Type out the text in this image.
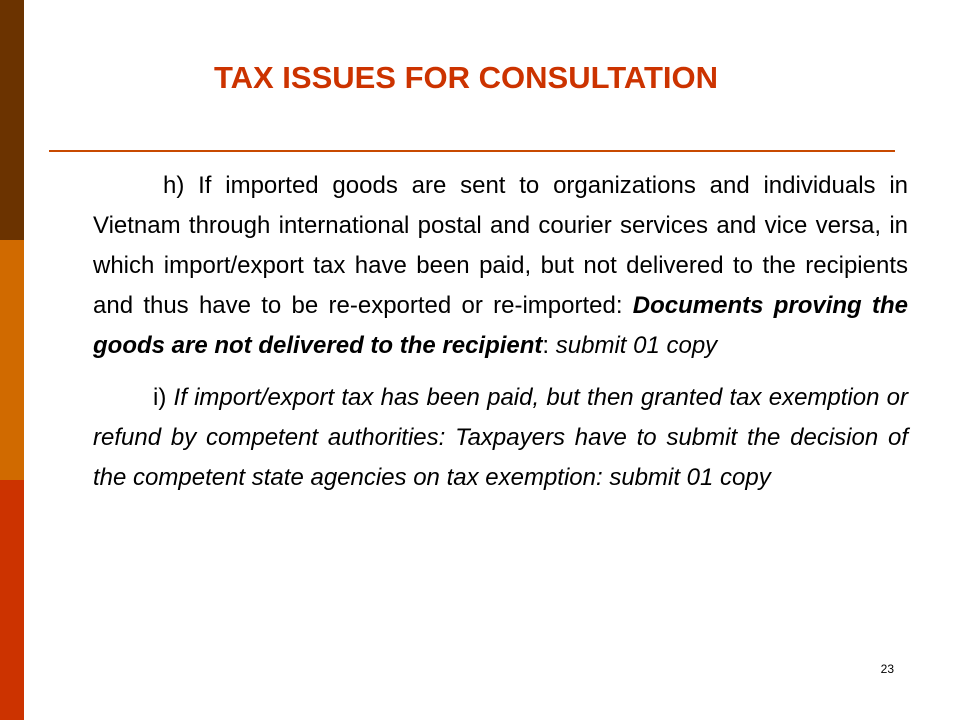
TAX ISSUES FOR CONSULTATION

h) If imported goods are sent to organizations and individuals in Vietnam through international postal and courier services and vice versa, in which import/export tax have been paid, but not delivered to the recipients and thus have to be re-exported or re-imported: Documents proving the goods are not delivered to the recipient: submit 01 copy

i) If import/export tax has been paid, but then granted tax exemption or refund by competent authorities: Taxpayers have to submit the decision of the competent state agencies on tax exemption: submit 01 copy

23
